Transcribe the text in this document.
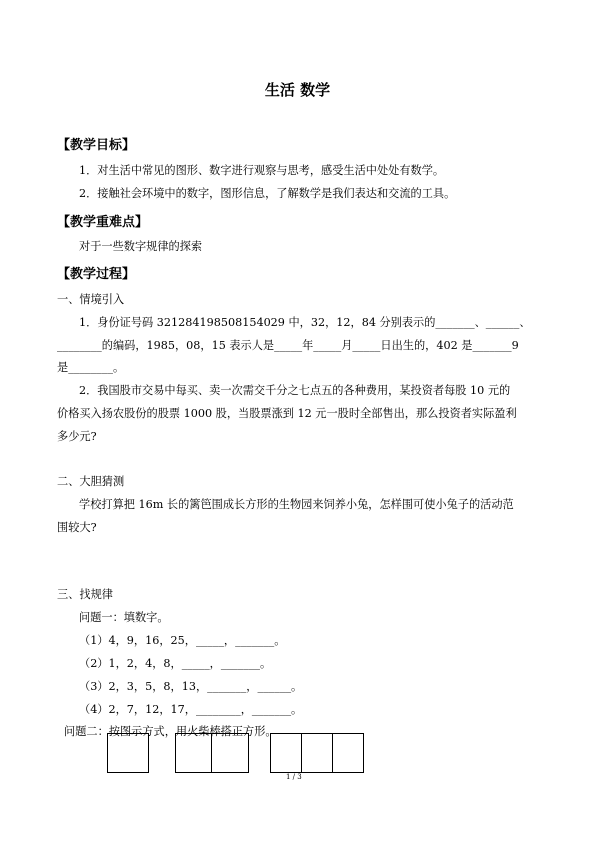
生活 数学
【教学目标】
1．对生活中常见的图形、数字进行观察与思考，感受生活中处处有数学。
2．接触社会环境中的数字，图形信息，了解数学是我们表达和交流的工具。
【教学重难点】
对于一些数字规律的探索
【教学过程】
一、情境引入
1．身份证号码 321284198508154029 中，32，12，84 分别表示的_______、______、
________的编码，1985，08，15 表示人是_____年_____月_____日出生的，402 是_______9
是________。
2．我国股市交易中每买、卖一次需交千分之七点五的各种费用，某投资者每股 10 元的
价格买入扬农股份的股票 1000 股，当股票涨到 12 元一股时全部售出，那么投资者实际盈利
多少元?
二、大胆猜测
学校打算把 16m 长的篱笆围成长方形的生物园来饲养小兔，怎样围可使小兔子的活动范
围较大?
三、找规律
问题一：填数字。
（1）4，9，16，25，_____，_______。
（2）1，2，4，8，_____，_______。
（3）2，3，5，8，13，_______，______。
（4）2，7，12，17，________，_______。
问题二：按图示方式，用火柴棒搭正方形。
1 / 3
